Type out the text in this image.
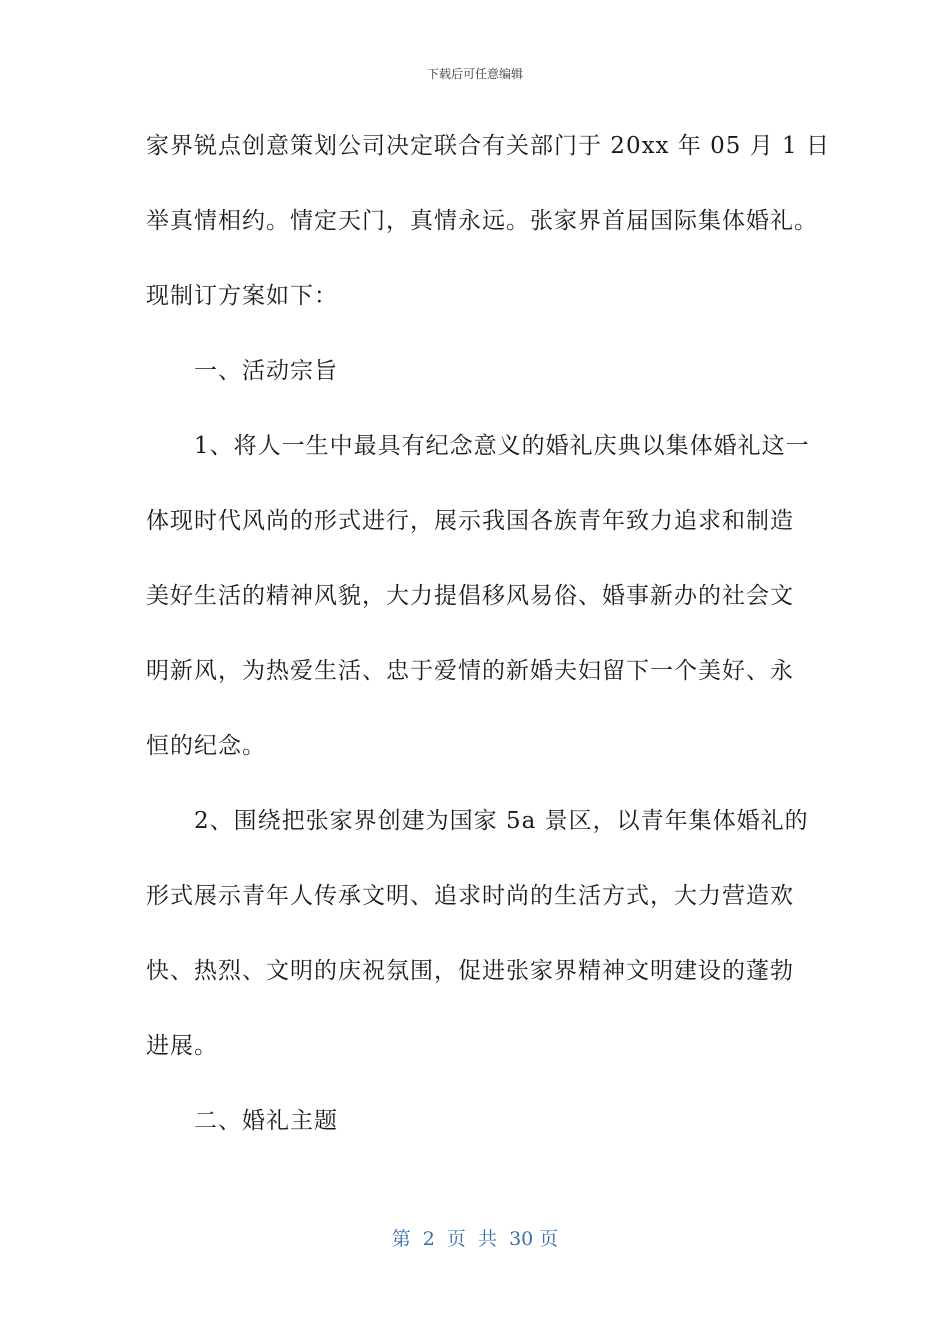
下载后可任意编辑
家界锐点创意策划公司决定联合有关部门于 20xx 年 05 月 1 日
举真情相约。情定天门，真情永远。张家界首届国际集体婚礼。
现制订方案如下：
一、活动宗旨
1、将人一生中最具有纪念意义的婚礼庆典以集体婚礼这一
体现时代风尚的形式进行，展示我国各族青年致力追求和制造
美好生活的精神风貌，大力提倡移风易俗、婚事新办的社会文
明新风，为热爱生活、忠于爱情的新婚夫妇留下一个美好、永
恒的纪念。
2、围绕把张家界创建为国家 5a 景区，以青年集体婚礼的
形式展示青年人传承文明、追求时尚的生活方式，大力营造欢
快、热烈、文明的庆祝氛围，促进张家界精神文明建设的蓬勃
进展。
二、婚礼主题
第  2  页  共  30 页
